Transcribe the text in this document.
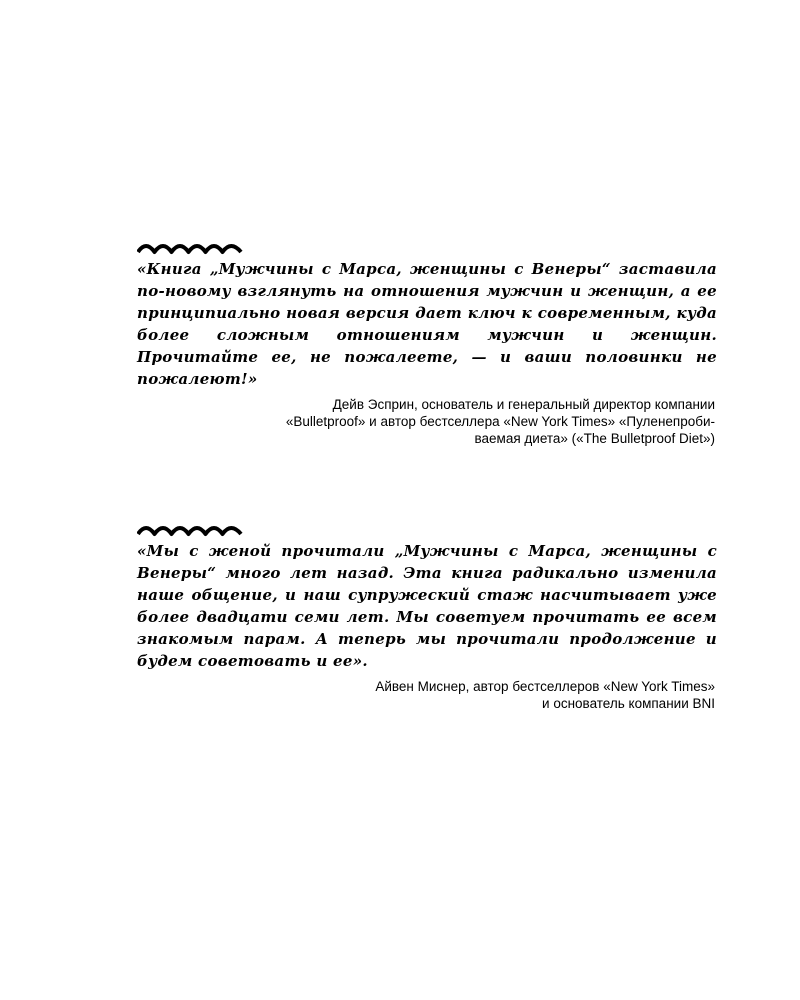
«Книга „Мужчины с Марса, женщины с Венеры“ заставила по-новому взглянуть на отношения мужчин и женщин, а ее принципиально новая версия дает ключ к современным, куда более сложным отношениям мужчин и женщин. Прочитайте ее, не пожалеете, — и ваши половинки не пожалеют!»

Дейв Эсприн, основатель и генеральный директор компании
«Bulletproof» и автор бестселлера «New York Times» «Пуленепроби-
ваемая диета» («The Bulletproof Diet»)

«Мы с женой прочитали „Мужчины с Марса, женщины с Венеры“ много лет назад. Эта книга радикально изменила наше общение, и наш супружеский стаж насчитывает уже более двадцати семи лет. Мы советуем прочитать ее всем знакомым парам. А теперь мы прочитали продолжение и будем советовать и ее».

Айвен Миснер, автор бестселлеров «New York Times»
и основатель компании BNI
